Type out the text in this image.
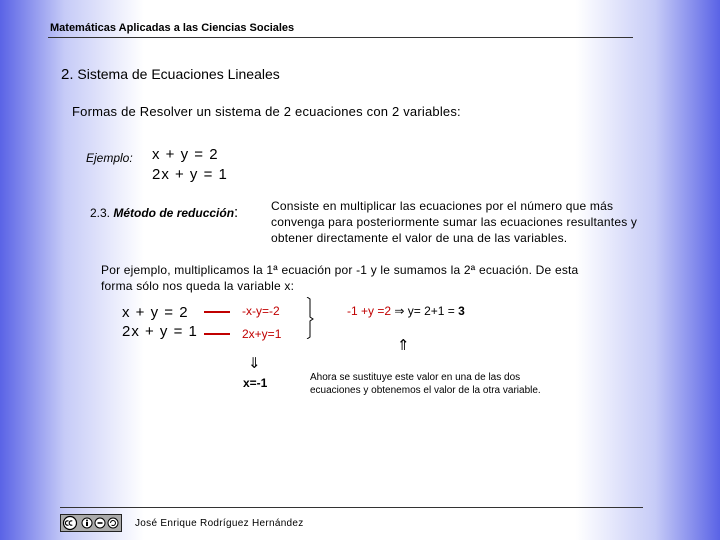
Matemáticas Aplicadas a las Ciencias Sociales
2. Sistema de Ecuaciones Lineales
Formas de Resolver un sistema de 2 ecuaciones con 2 variables:
Ejemplo: x + y = 2
2x + y = 1
2.3. Método de reducción:	Consiste en multiplicar las ecuaciones por el número que más convenga para posteriormente sumar las ecuaciones resultantes y obtener directamente el valor de una de las variables.
Por ejemplo, multiplicamos la 1ª ecuación por -1 y le sumamos la 2ª ecuación. De esta forma sólo nos queda la variable x:
x + y = 2
2x + y = 1
-x-y=-2
2x+y=1
-1 +y =2 ⇒ y= 2+1 = 3
⇓
x=-1
⇑
Ahora se sustituye este valor en una de las dos ecuaciones y obtenemos el valor de la otra variable.
José Enrique Rodríguez Hernández
